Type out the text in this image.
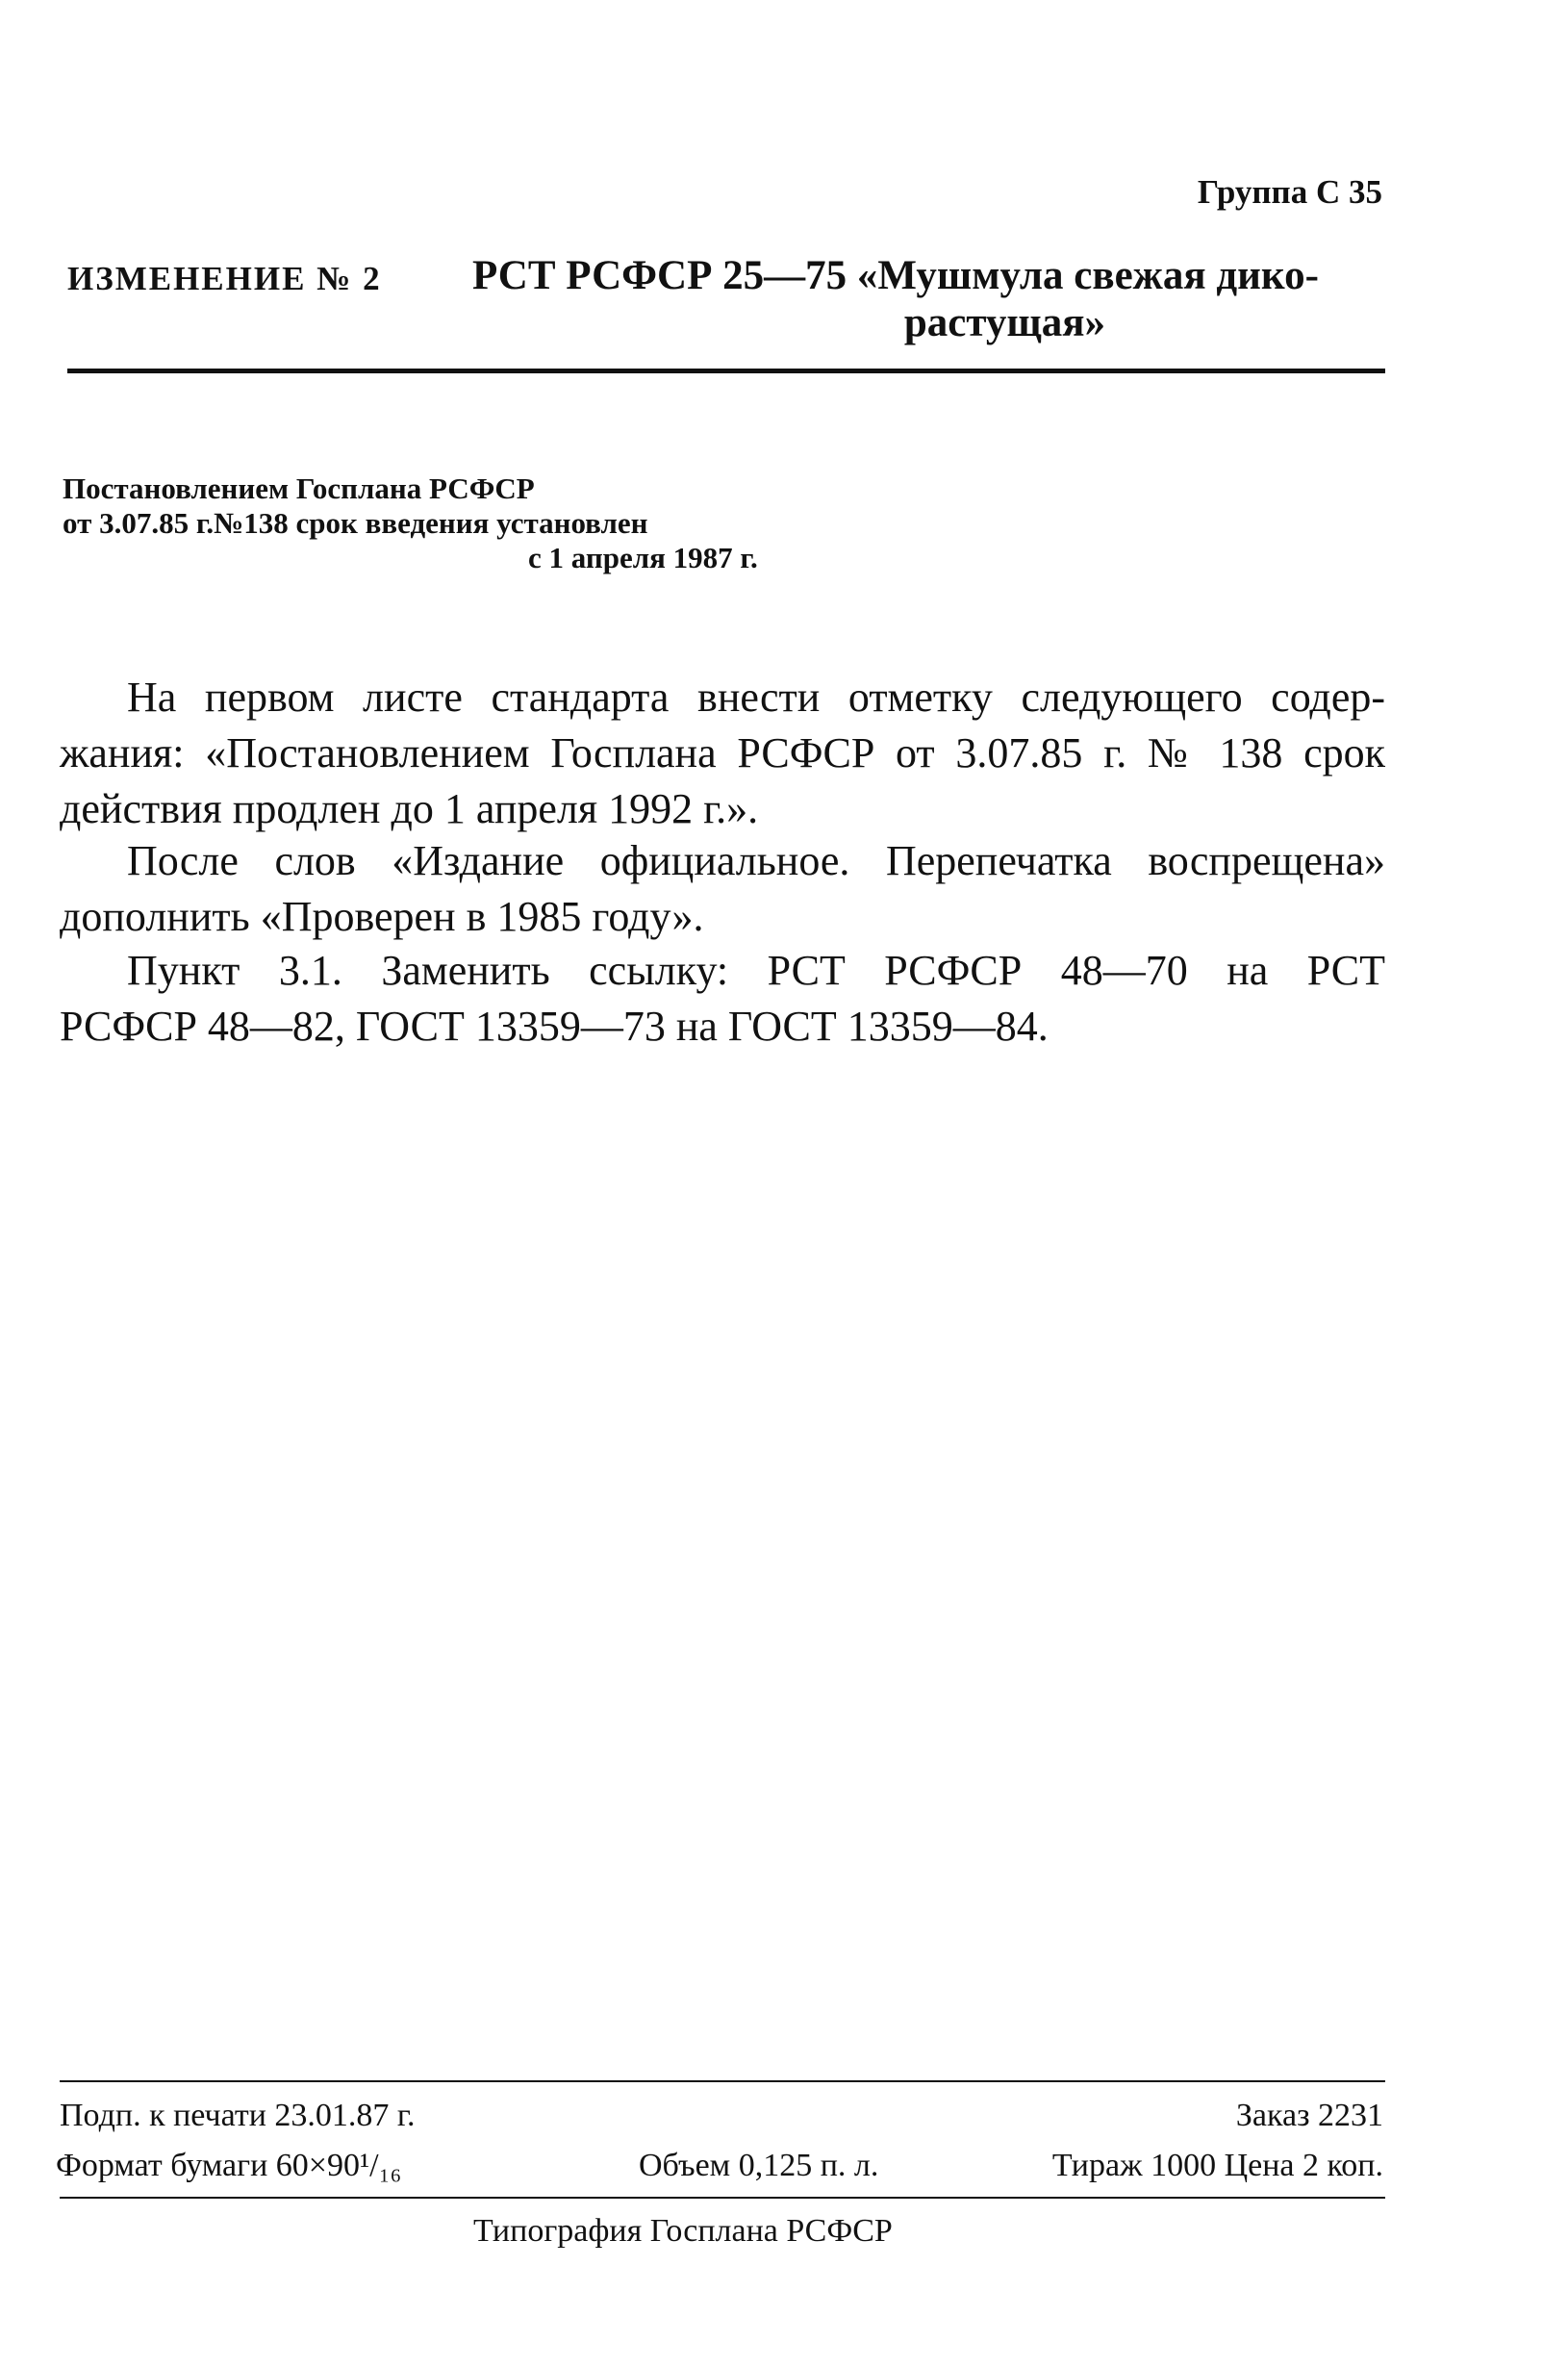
Группа С 35
ИЗМЕНЕНИЕ № 2 РСТ РСФСР 25—75 «Мушмула свежая дико-
растущая»
Постановлением Госплана РСФСР
от 3.07.85 г.№138 срок введения установлен
с 1 апреля 1987 г.
На первом листе стандарта внести отметку следующего содер-
жания: «Постановлением Госплана РСФСР от 3.07.85 г. № 138 срок
действия продлен до 1 апреля 1992 г.».
После слов «Издание официальное. Перепечатка воспрещена»
дополнить «Проверен в 1985 году».
Пункт 3.1. Заменить ссылку: РСТ РСФСР 48—70 на РСТ
РСФСР 48—82, ГОСТ 13359—73 на ГОСТ 13359—84.
Подп. к печати 23.01.87 г.	Заказ 2231
Формат бумаги 60×90¹/₁₆	Объем 0,125 п. л.	Тираж 1000 Цена 2 коп.
Типография Госплана РСФСР
